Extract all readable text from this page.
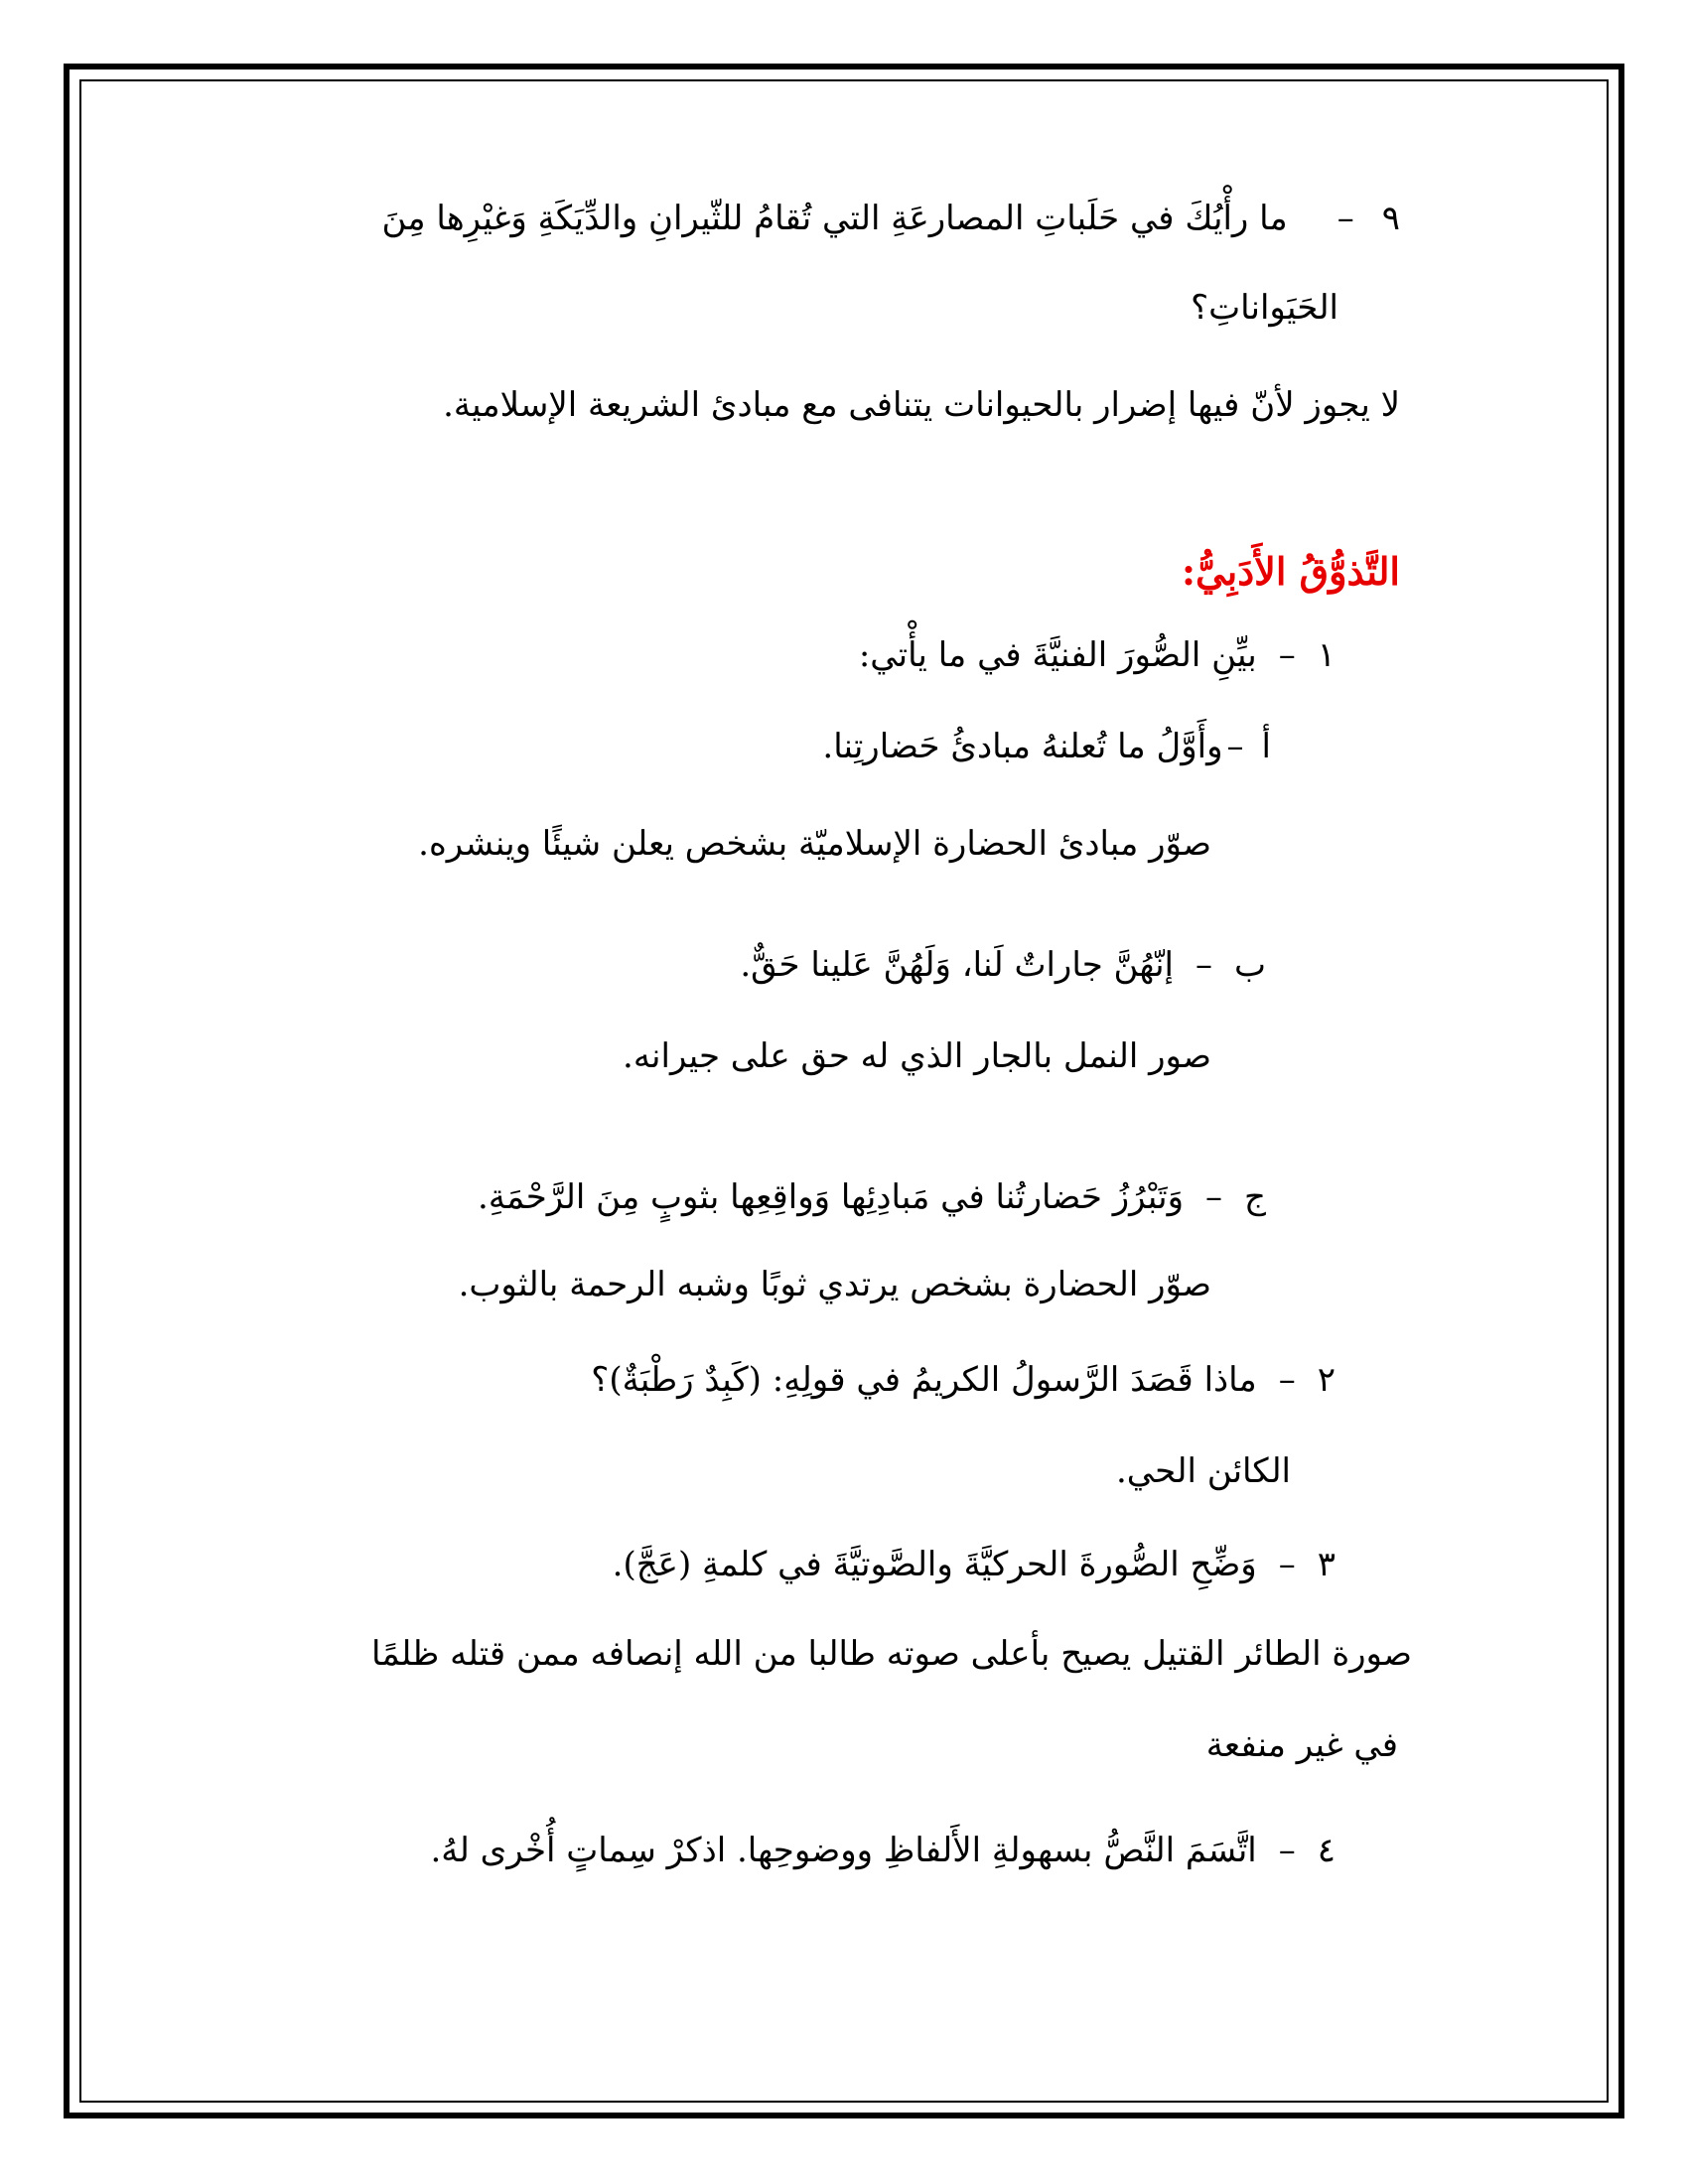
٩–ما رأْيُكَ في حَلَباتِ المصارعَةِ التي تُقامُ للثّيرانِ والدِّيَكَةِ وَغيْرِها مِنَ
الحَيَواناتِ؟
لا يجوز لأنّ فيها إضرار بالحيوانات يتنافى مع مبادئ الشريعة الإسلامية.
التَّذوُّقُ الأَدَبِيُّ:
١–بيِّنِ الصُّورَ الفنيَّةَ في ما يأْتي:
أ–وأَوَّلُ ما تُعلنهُ مبادئُ حَضارتِنا.
صوّر مبادئ الحضارة الإسلاميّة بشخص يعلن شيئًا وينشره.
ب–إنّهُنَّ جاراتٌ لَنا، وَلَهُنَّ عَلينا حَقٌّ.
صور النمل بالجار الذي له حق على جيرانه.
ج–وَتَبْرُزُ حَضارتُنا في مَبادِئِها وَواقِعِها بثوبٍ مِنَ الرَّحْمَةِ.
صوّر الحضارة بشخص يرتدي ثوبًا وشبه الرحمة بالثوب.
٢–ماذا قَصَدَ الرَّسولُ الكريمُ في قولِهِ: (كَبِدٌ رَطْبَةٌ)؟
الكائن الحي.
٣–وَضِّحِ الصُّورةَ الحركيَّةَ والصَّوتيَّةَ في كلمةِ (عَجَّ).
صورة الطائر القتيل يصيح بأعلى صوته طالبا من الله إنصافه ممن قتله ظلمًا
في غير منفعة
٤–اتَّسَمَ النَّصُّ بسهولةِ الأَلفاظِ ووضوحِها. اذكرْ سِماتٍ أُخْرى لهُ.
